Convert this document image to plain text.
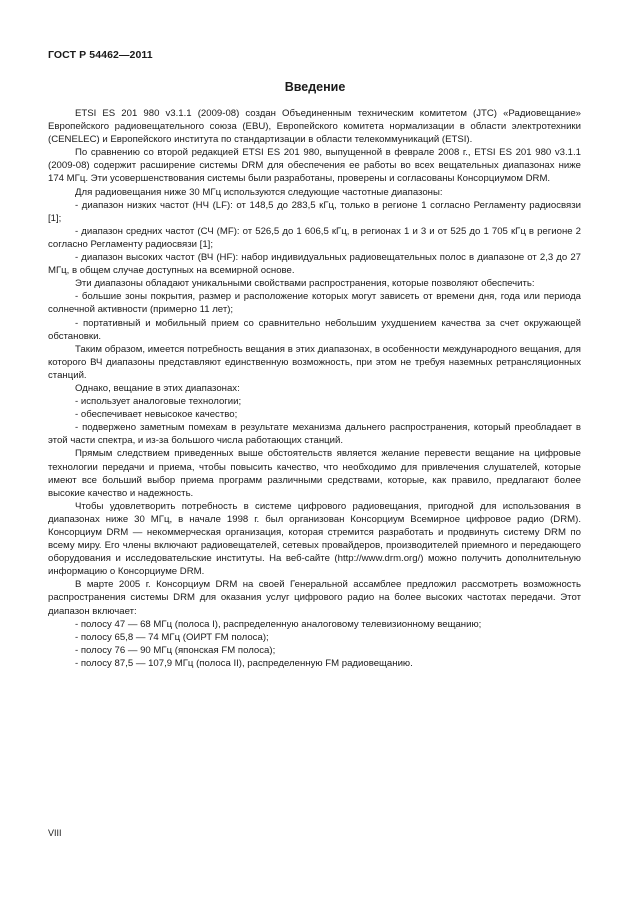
ГОСТ Р 54462—2011
Введение

ETSI ES 201 980 v3.1.1 (2009-08) создан Объединенным техническим комитетом (JTC) «Радиовещание» Европейского радиовещательного союза (EBU), Европейского комитета нормализации в области электротехники (CENELEC) и Европейского института по стандартизации в области телекоммуникаций (ETSI).

По сравнению со второй редакцией ETSI ES 201 980, выпущенной в феврале 2008 г., ETSI ES 201 980 v3.1.1 (2009-08) содержит расширение системы DRM для обеспечения ее работы во всех вещательных диапазонах ниже 174 МГц. Эти усовершенствования системы были разработаны, проверены и согласованы Консорциумом DRM.

Для радиовещания ниже 30 МГц используются следующие частотные диапазоны:

- диапазон низких частот (НЧ (LF): от 148,5 до 283,5 кГц, только в регионе 1 согласно Регламенту радиосвязи [1];

- диапазон средних частот (СЧ (MF): от 526,5 до 1 606,5 кГц, в регионах 1 и 3 и от 525 до 1 705 кГц в регионе 2 согласно Регламенту радиосвязи [1];

- диапазон высоких частот (ВЧ (HF): набор индивидуальных радиовещательных полос в диапазоне от 2,3 до 27 МГц, в общем случае доступных на всемирной основе.

Эти диапазоны обладают уникальными свойствами распространения, которые позволяют обеспечить:

- большие зоны покрытия, размер и расположение которых могут зависеть от времени дня, года или периода солнечной активности (примерно 11 лет);

- портативный и мобильный прием со сравнительно небольшим ухудшением качества за счет окружающей обстановки.

Таким образом, имеется потребность вещания в этих диапазонах, в особенности международного вещания, для которого ВЧ диапазоны представляют единственную возможность, при этом не требуя наземных ретрансляционных станций.

Однако, вещание в этих диапазонах:

- использует аналоговые технологии;

- обеспечивает невысокое качество;

- подвержено заметным помехам в результате механизма дальнего распространения, который преобладает в этой части спектра, и из-за большого числа работающих станций.

Прямым следствием приведенных выше обстоятельств является желание перевести вещание на цифровые технологии передачи и приема, чтобы повысить качество, что необходимо для привлечения слушателей, которые имеют все больший выбор приема программ различными средствами, которые, как правило, предлагают более высокие качество и надежность.

Чтобы удовлетворить потребность в системе цифрового радиовещания, пригодной для использования в диапазонах ниже 30 МГц, в начале 1998 г. был организован Консорциум Всемирное цифровое радио (DRM). Консорциум DRM — некоммерческая организация, которая стремится разработать и продвинуть систему DRM по всему миру. Его члены включают радиовещателей, сетевых провайдеров, производителей приемного и передающего оборудования и исследовательские институты. На веб-сайте (http://www.drm.org/) можно получить дополнительную информацию о Консорциуме DRM.

В марте 2005 г. Консорциум DRM на своей Генеральной ассамблее предложил рассмотреть возможность распространения системы DRM для оказания услуг цифрового радио на более высоких частотах передачи. Этот диапазон включает:

- полосу 47 — 68 МГц (полоса I), распределенную аналоговому телевизионному вещанию;

- полосу 65,8 — 74 МГц (ОИРТ FM полоса);

- полосу 76 — 90 МГц (японская FM полоса);

- полосу 87,5 — 107,9 МГц (полоса II), распределенную FM радиовещанию.

VIII
